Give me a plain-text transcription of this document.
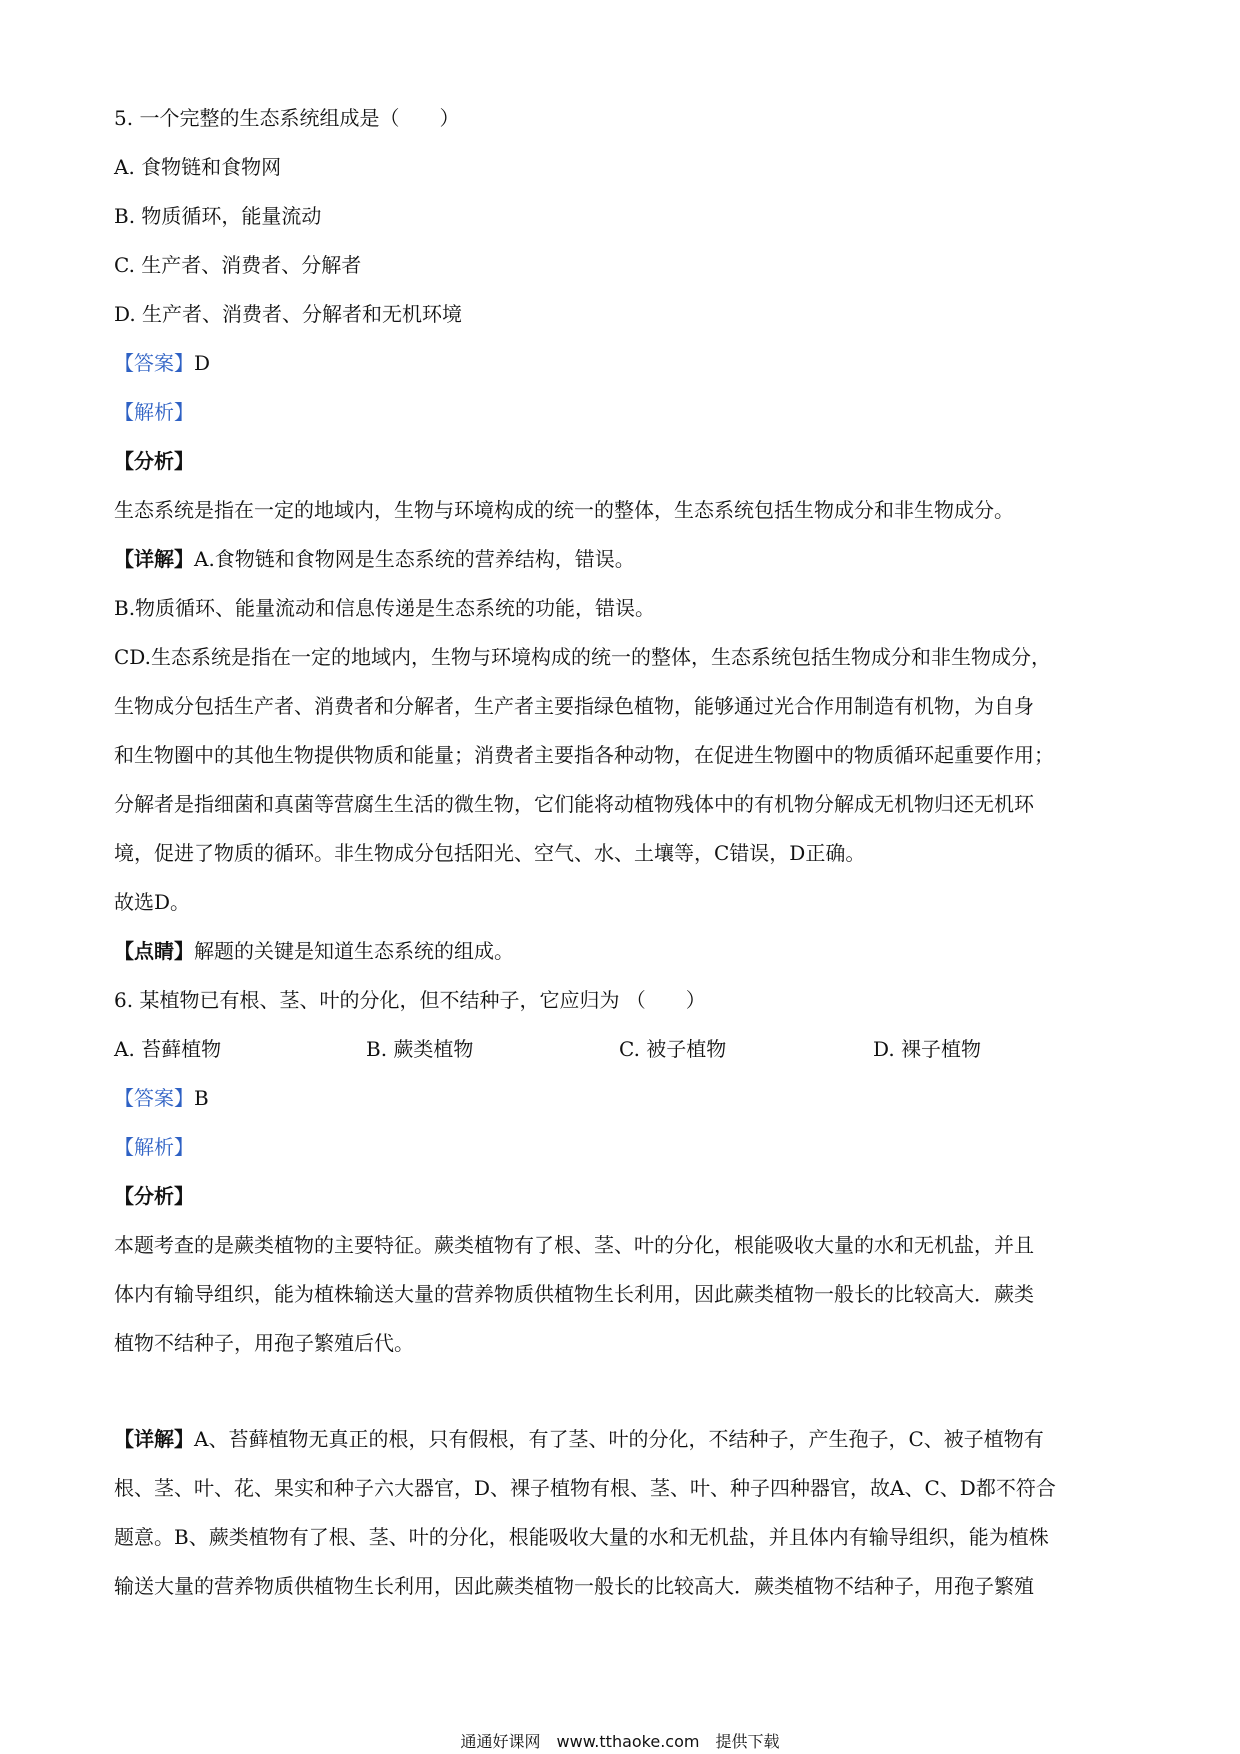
5. 一个完整的生态系统组成是（　　）
A. 食物链和食物网
B. 物质循环，能量流动
C. 生产者、消费者、分解者
D. 生产者、消费者、分解者和无机环境
【答案】D
【解析】
【分析】
生态系统是指在一定的地域内，生物与环境构成的统一的整体，生态系统包括生物成分和非生物成分。
【详解】A.食物链和食物网是生态系统的营养结构，错误。
B.物质循环、能量流动和信息传递是生态系统的功能，错误。
CD.生态系统是指在一定的地域内，生物与环境构成的统一的整体，生态系统包括生物成分和非生物成分，
生物成分包括生产者、消费者和分解者，生产者主要指绿色植物，能够通过光合作用制造有机物，为自身
和生物圈中的其他生物提供物质和能量；消费者主要指各种动物，在促进生物圈中的物质循环起重要作用；
分解者是指细菌和真菌等营腐生生活的微生物，它们能将动植物残体中的有机物分解成无机物归还无机环
境，促进了物质的循环。非生物成分包括阳光、空气、水、土壤等，C错误，D正确。
故选D。
【点睛】解题的关键是知道生态系统的组成。
6. 某植物已有根、茎、叶的分化，但不结种子，它应归为 （　　）
A. 苔藓植物	B. 蕨类植物	C. 被子植物	D. 裸子植物
【答案】B
【解析】
【分析】
本题考查的是蕨类植物的主要特征。蕨类植物有了根、茎、叶的分化，根能吸收大量的水和无机盐，并且
体内有输导组织，能为植株输送大量的营养物质供植物生长利用，因此蕨类植物一般长的比较高大．蕨类
植物不结种子，用孢子繁殖后代。
【详解】A、苔藓植物无真正的根，只有假根，有了茎、叶的分化，不结种子，产生孢子，C、被子植物有
根、茎、叶、花、果实和种子六大器官，D、裸子植物有根、茎、叶、种子四种器官，故A、C、D都不符合
题意。B、蕨类植物有了根、茎、叶的分化，根能吸收大量的水和无机盐，并且体内有输导组织，能为植株
输送大量的营养物质供植物生长利用，因此蕨类植物一般长的比较高大．蕨类植物不结种子，用孢子繁殖
通通好课网　www.tthaoke.com　提供下载
